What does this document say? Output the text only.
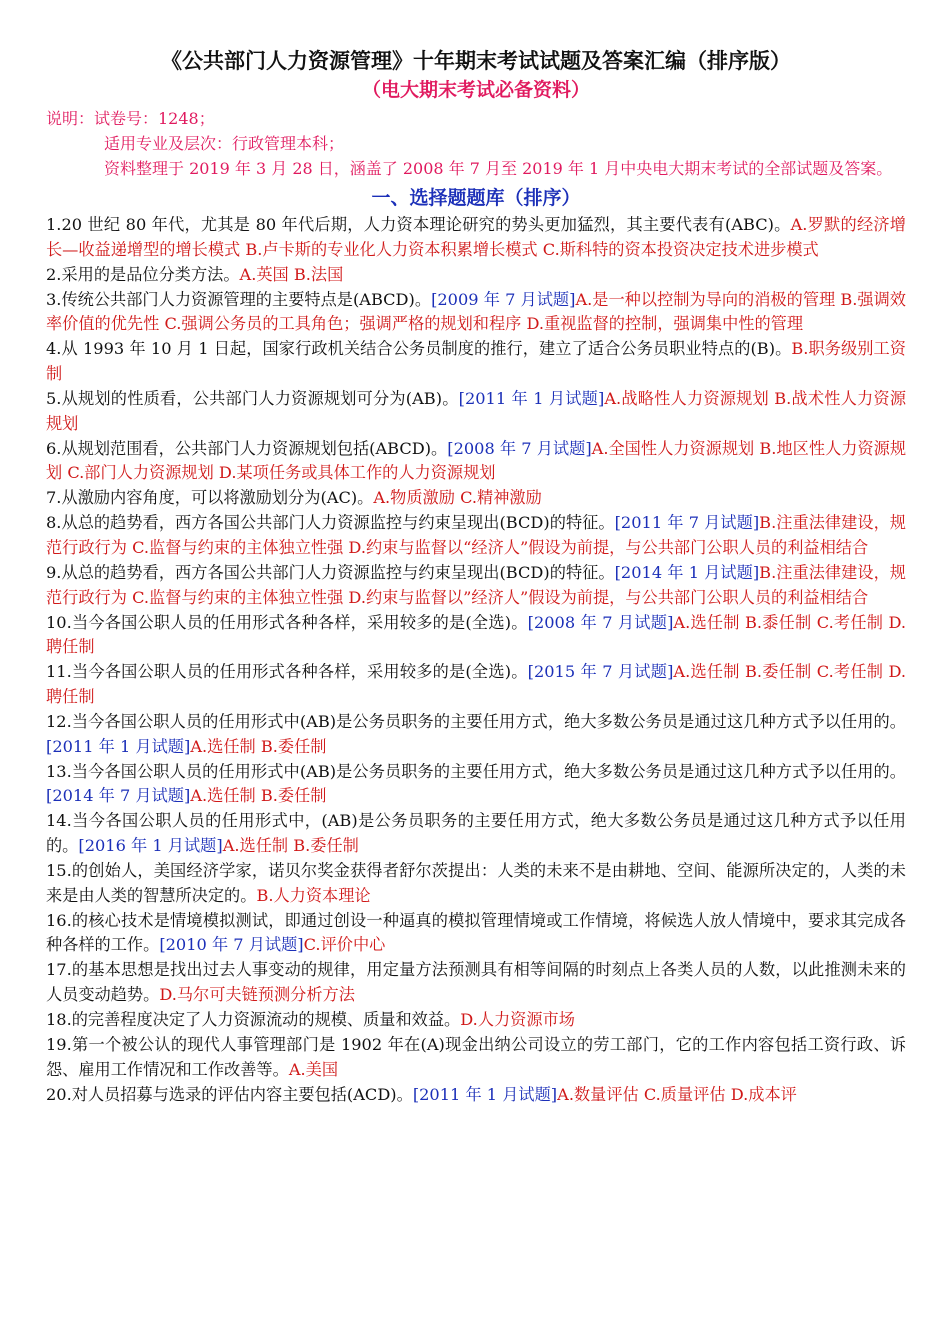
《公共部门人力资源管理》十年期末考试试题及答案汇编（排序版）
（电大期末考试必备资料）
说明：试卷号：1248；
适用专业及层次：行政管理本科；
资料整理于 2019 年 3 月 28 日，涵盖了 2008 年 7 月至 2019 年 1 月中央电大期末考试的全部试题及答案。
一、选择题题库（排序）

1.20 世纪 80 年代，尤其是 80 年代后期，人力资本理论研究的势头更加猛烈，其主要代表有(ABC)。A.罗默的经济增长—收益递增型的增长模式 B.卢卡斯的专业化人力资本积累增长模式 C.斯科特的资本投资决定技术进步模式

2.采用的是品位分类方法。A.英国 B.法国

3.传统公共部门人力资源管理的主要特点是(ABCD)。[2009 年 7 月试题]A.是一种以控制为导向的消极的管理 B.强调效率价值的优先性 C.强调公务员的工具角色；强调严格的规划和程序 D.重视监督的控制，强调集中性的管理

4.从 1993 年 10 月 1 日起，国家行政机关结合公务员制度的推行，建立了适合公务员职业特点的(B)。B.职务级别工资制

5.从规划的性质看，公共部门人力资源规划可分为(AB)。[2011 年 1 月试题]A.战略性人力资源规划 B.战术性人力资源规划

6.从规划范围看，公共部门人力资源规划包括(ABCD)。[2008 年 7 月试题]A.全国性人力资源规划 B.地区性人力资源规划 C.部门人力资源规划 D.某项任务或具体工作的人力资源规划

7.从激励内容角度，可以将激励划分为(AC)。A.物质激励 C.精神激励

8.从总的趋势看，西方各国公共部门人力资源监控与约束呈现出(BCD)的特征。[2011 年 7 月试题]B.注重法律建设，规范行政行为 C.监督与约束的主体独立性强 D.约束与监督以“经济人”假设为前提，与公共部门公职人员的利益相结合

9.从总的趋势看，西方各国公共部门人力资源监控与约束呈现出(BCD)的特征。[2014 年 1 月试题]B.注重法律建设，规范行政行为 C.监督与约束的主体独立性强 D.约束与监督以”经济人”假设为前提，与公共部门公职人员的利益相结合

10.当今各国公职人员的任用形式各种各样，采用较多的是(全选)。[2008 年 7 月试题]A.选任制 B.黍任制 C.考任制 D.聘任制

11.当今各国公职人员的任用形式各种各样，采用较多的是(全选)。[2015 年 7 月试题]A.选任制 B.委任制 C.考任制 D.聘任制

12.当今各国公职人员的任用形式中(AB)是公务员职务的主要任用方式，绝大多数公务员是通过这几种方式予以任用的。[2011 年 1 月试题]A.选任制 B.委任制

13.当今各国公职人员的任用形式中(AB)是公务员职务的主要任用方式，绝大多数公务员是通过这几种方式予以任用的。[2014 年 7 月试题]A.选任制 B.委任制

14.当今各国公职人员的任用形式中，(AB)是公务员职务的主要任用方式，绝大多数公务员是通过这几种方式予以任用的。[2016 年 1 月试题]A.选任制 B.委任制

15.的创始人，美国经济学家，诺贝尔奖金获得者舒尔茨提出：人类的未来不是由耕地、空间、能源所决定的，人类的未来是由人类的智慧所决定的。B.人力资本理论

16.的核心技术是情境模拟测试，即通过创设一种逼真的模拟管理情境或工作情境，将候选人放人情境中，要求其完成各种各样的工作。[2010 年 7 月试题]C.评价中心

17.的基本思想是找出过去人事变动的规律，用定量方法预测具有相等间隔的时刻点上各类人员的人数，以此推测未来的人员变动趋势。D.马尔可夫链预测分析方法

18.的完善程度决定了人力资源流动的规模、质量和效益。D.人力资源市场

19.第一个被公认的现代人事管理部门是 1902 年在(A)现金出纳公司设立的劳工部门，它的工作内容包括工资行政、诉怨、雇用工作情况和工作改善等。A.美国

20.对人员招募与选录的评估内容主要包括(ACD)。[2011 年 1 月试题]A.数量评估 C.质量评估 D.成本评
